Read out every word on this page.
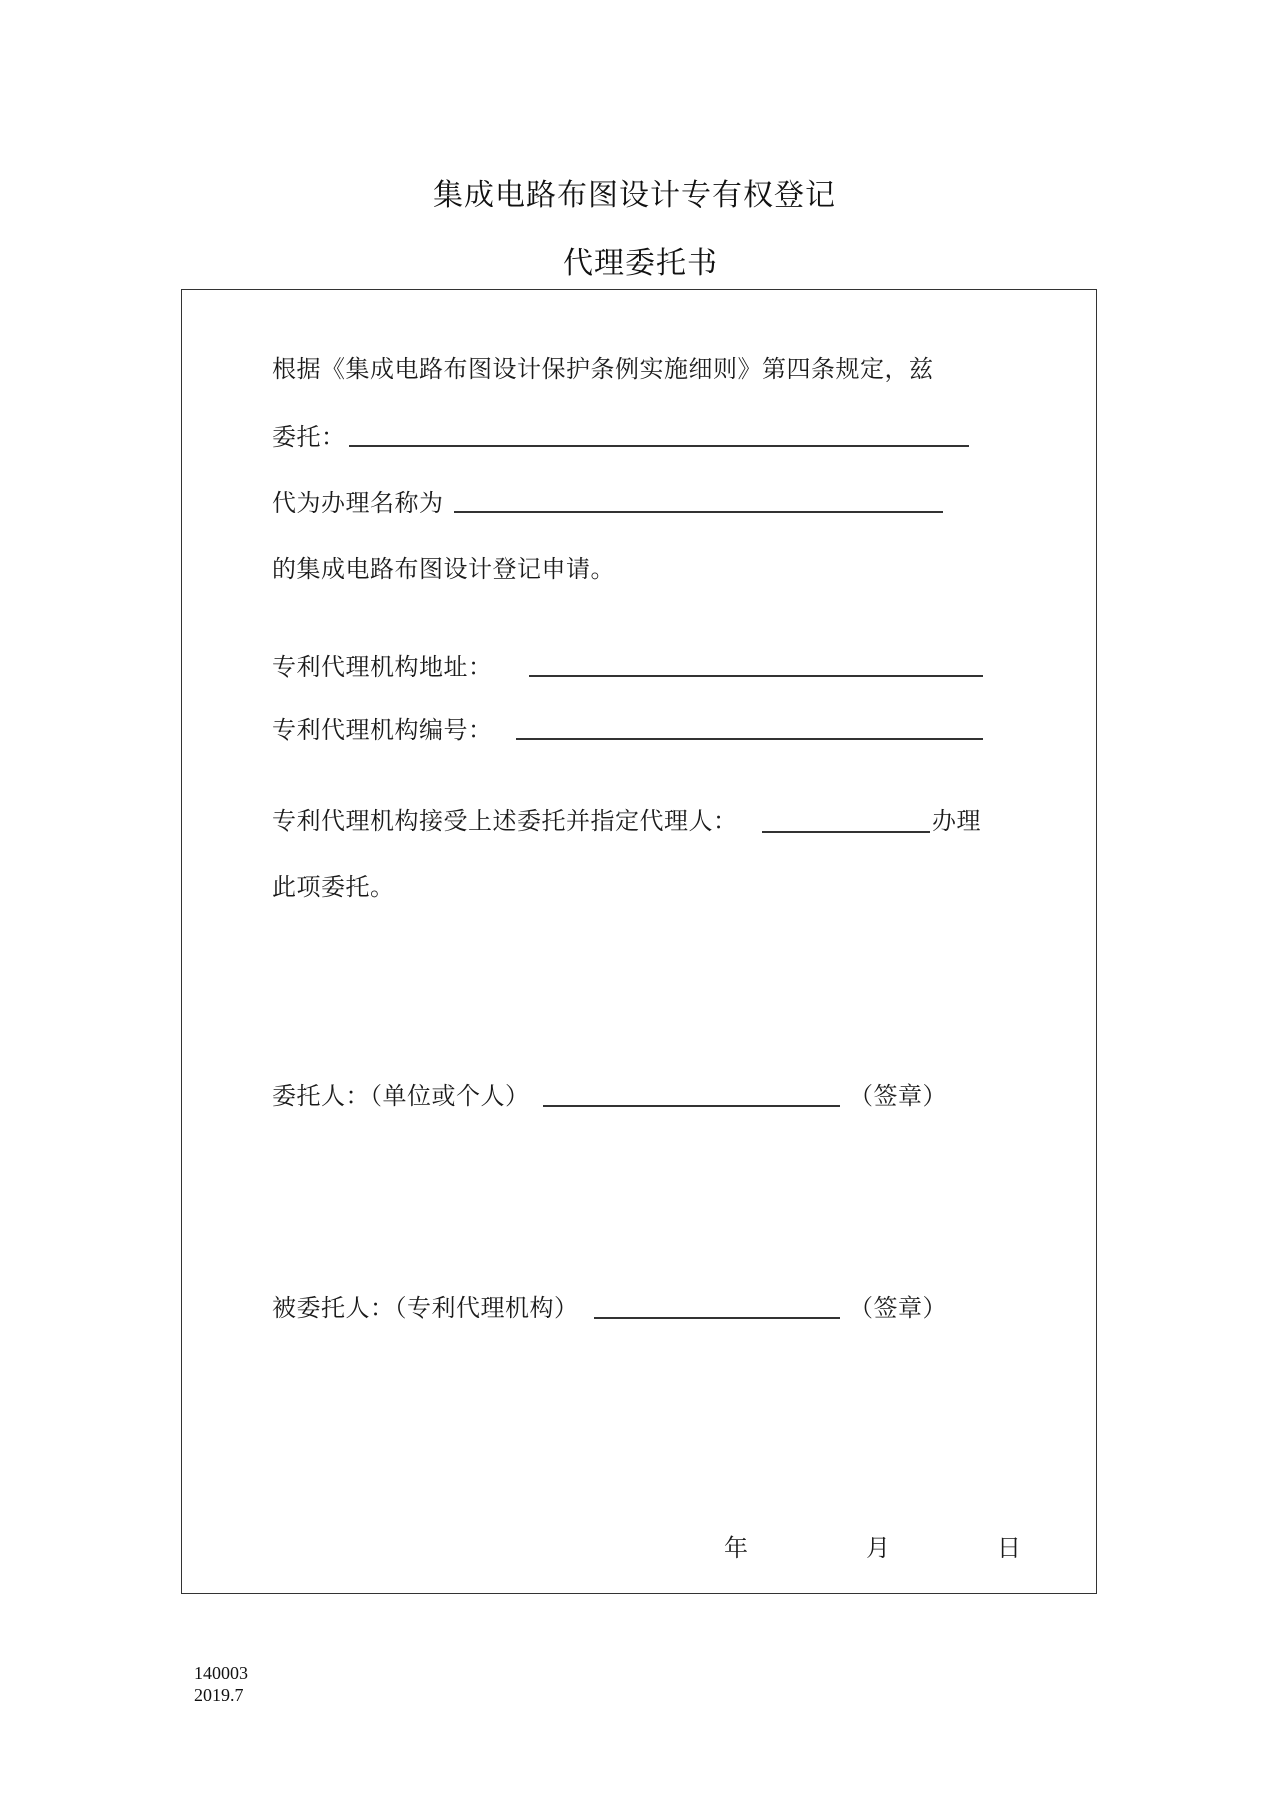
集成电路布图设计专有权登记
代理委托书
根据《集成电路布图设计保护条例实施细则》第四条规定，兹
委托：
代为办理名称为
的集成电路布图设计登记申请。
专利代理机构地址：
专利代理机构编号：
专利代理机构接受上述委托并指定代理人：	办理
此项委托。
委托人：（单位或个人）	（签章）
被委托人：（专利代理机构）	（签章）
年	月	日
140003
2019.7
